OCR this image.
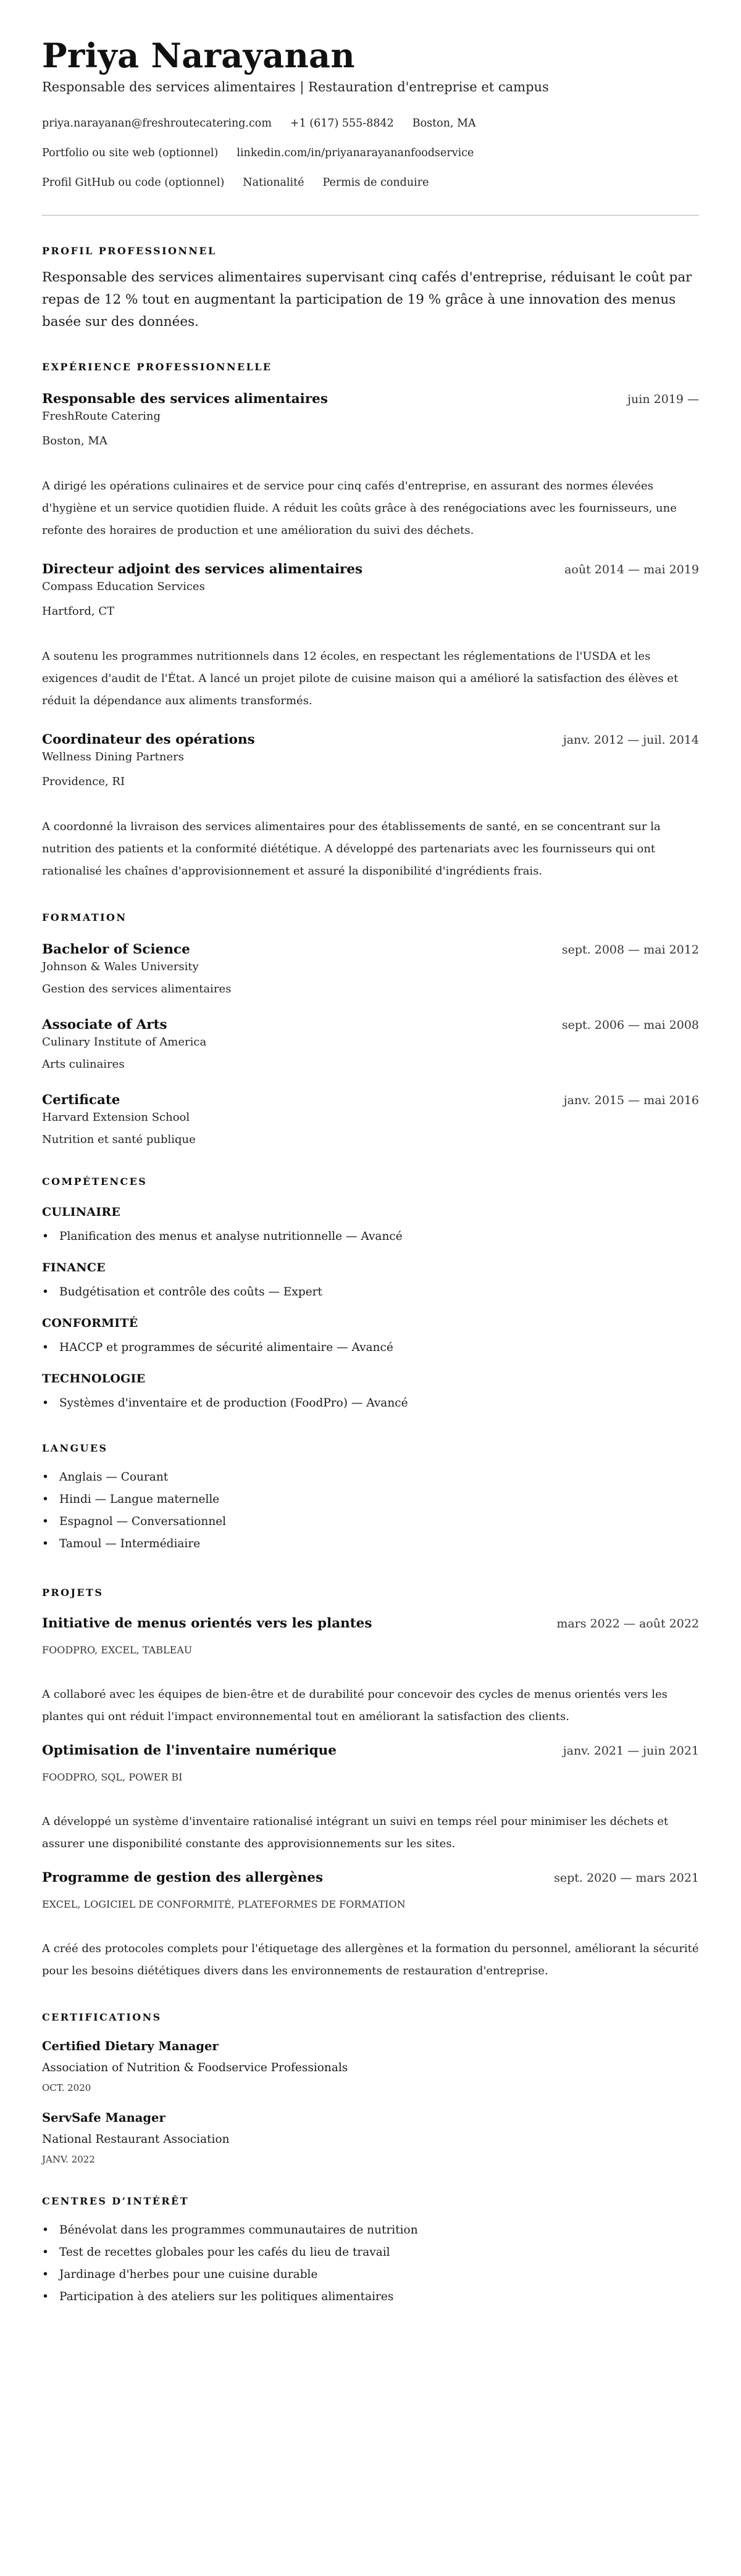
Priya Narayanan
Responsable des services alimentaires | Restauration d'entreprise et campus
priya.narayanan@freshroutecatering.com +1 (617) 555-8842 Boston, MA
Portfolio ou site web (optionnel) linkedin.com/in/priyanarayananfoodservice
Profil GitHub ou code (optionnel) Nationalité Permis de conduire
PROFIL PROFESSIONNEL

Responsable des services alimentaires supervisant cinq cafés d'entreprise, réduisant le coût par repas de 12 % tout en augmentant la participation de 19 % grâce à une innovation des menus basée sur des données.

EXPÉRIENCE PROFESSIONNELLE
Responsable des services alimentaires	juin 2019 —
FreshRoute Catering
Boston, MA

A dirigé les opérations culinaires et de service pour cinq cafés d'entreprise, en assurant des normes élevées d'hygiène et un service quotidien fluide. A réduit les coûts grâce à des renégociations avec les fournisseurs, une refonte des horaires de production et une amélioration du suivi des déchets.

Directeur adjoint des services alimentaires	août 2014 — mai 2019
Compass Education Services
Hartford, CT

A soutenu les programmes nutritionnels dans 12 écoles, en respectant les réglementations de l'USDA et les exigences d'audit de l'État. A lancé un projet pilote de cuisine maison qui a amélioré la satisfaction des élèves et réduit la dépendance aux aliments transformés.

Coordinateur des opérations	janv. 2012 — juil. 2014
Wellness Dining Partners
Providence, RI

A coordonné la livraison des services alimentaires pour des établissements de santé, en se concentrant sur la nutrition des patients et la conformité diététique. A développé des partenariats avec les fournisseurs qui ont rationalisé les chaînes d'approvisionnement et assuré la disponibilité d'ingrédients frais.

FORMATION
Bachelor of Science	sept. 2008 — mai 2012
Johnson & Wales University
Gestion des services alimentaires
Associate of Arts	sept. 2006 — mai 2008
Culinary Institute of America
Arts culinaires
Certificate	janv. 2015 — mai 2016
Harvard Extension School
Nutrition et santé publique
COMPÉTENCES
CULINAIRE
• Planification des menus et analyse nutritionnelle — Avancé
FINANCE
• Budgétisation et contrôle des coûts — Expert
CONFORMITÉ
• HACCP et programmes de sécurité alimentaire — Avancé
TECHNOLOGIE
• Systèmes d'inventaire et de production (FoodPro) — Avancé
LANGUES
• Anglais — Courant
• Hindi — Langue maternelle
• Espagnol — Conversationnel
• Tamoul — Intermédiaire
PROJETS
Initiative de menus orientés vers les plantes	mars 2022 — août 2022
FOODPRO, EXCEL, TABLEAU

A collaboré avec les équipes de bien-être et de durabilité pour concevoir des cycles de menus orientés vers les plantes qui ont réduit l'impact environnemental tout en améliorant la satisfaction des clients.

Optimisation de l'inventaire numérique	janv. 2021 — juin 2021
FOODPRO, SQL, POWER BI

A développé un système d'inventaire rationalisé intégrant un suivi en temps réel pour minimiser les déchets et assurer une disponibilité constante des approvisionnements sur les sites.

Programme de gestion des allergènes	sept. 2020 — mars 2021
EXCEL, LOGICIEL DE CONFORMITÉ, PLATEFORMES DE FORMATION

A créé des protocoles complets pour l'étiquetage des allergènes et la formation du personnel, améliorant la sécurité pour les besoins diététiques divers dans les environnements de restauration d'entreprise.

CERTIFICATIONS
Certified Dietary Manager
Association of Nutrition & Foodservice Professionals
OCT. 2020
ServSafe Manager
National Restaurant Association
JANV. 2022
CENTRES D’INTÉRÊT
• Bénévolat dans les programmes communautaires de nutrition
• Test de recettes globales pour les cafés du lieu de travail
• Jardinage d'herbes pour une cuisine durable
• Participation à des ateliers sur les politiques alimentaires
